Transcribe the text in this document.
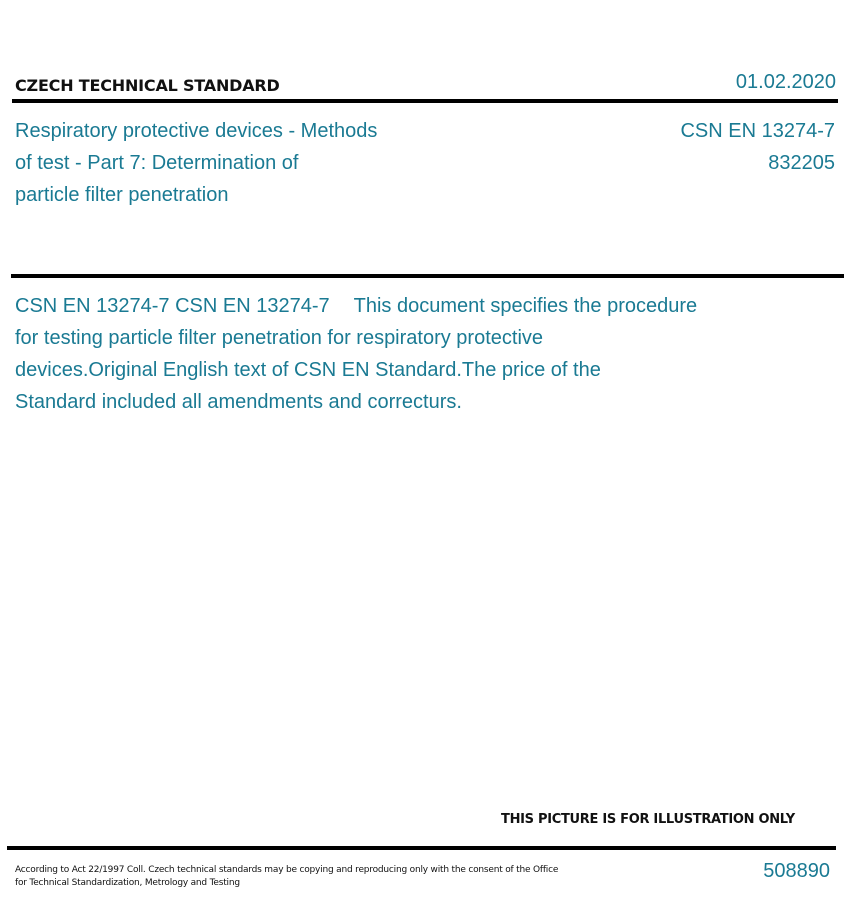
CZECH TECHNICAL STANDARD	01.02.2020
Respiratory protective devices - Methods
of test - Part 7: Determination of
particle filter penetration
CSN EN 13274-7
832205
CSN EN 13274-7 CSN EN 13274-7 This document specifies the procedure
for testing particle filter penetration for respiratory protective
devices.Original English text of CSN EN Standard.The price of the
Standard included all amendments and correcturs.
THIS PICTURE IS FOR ILLUSTRATION ONLY
According to Act 22/1997 Coll. Czech technical standards may be copying and reproducing only with the consent of the Office
for Technical Standardization, Metrology and Testing
508890
